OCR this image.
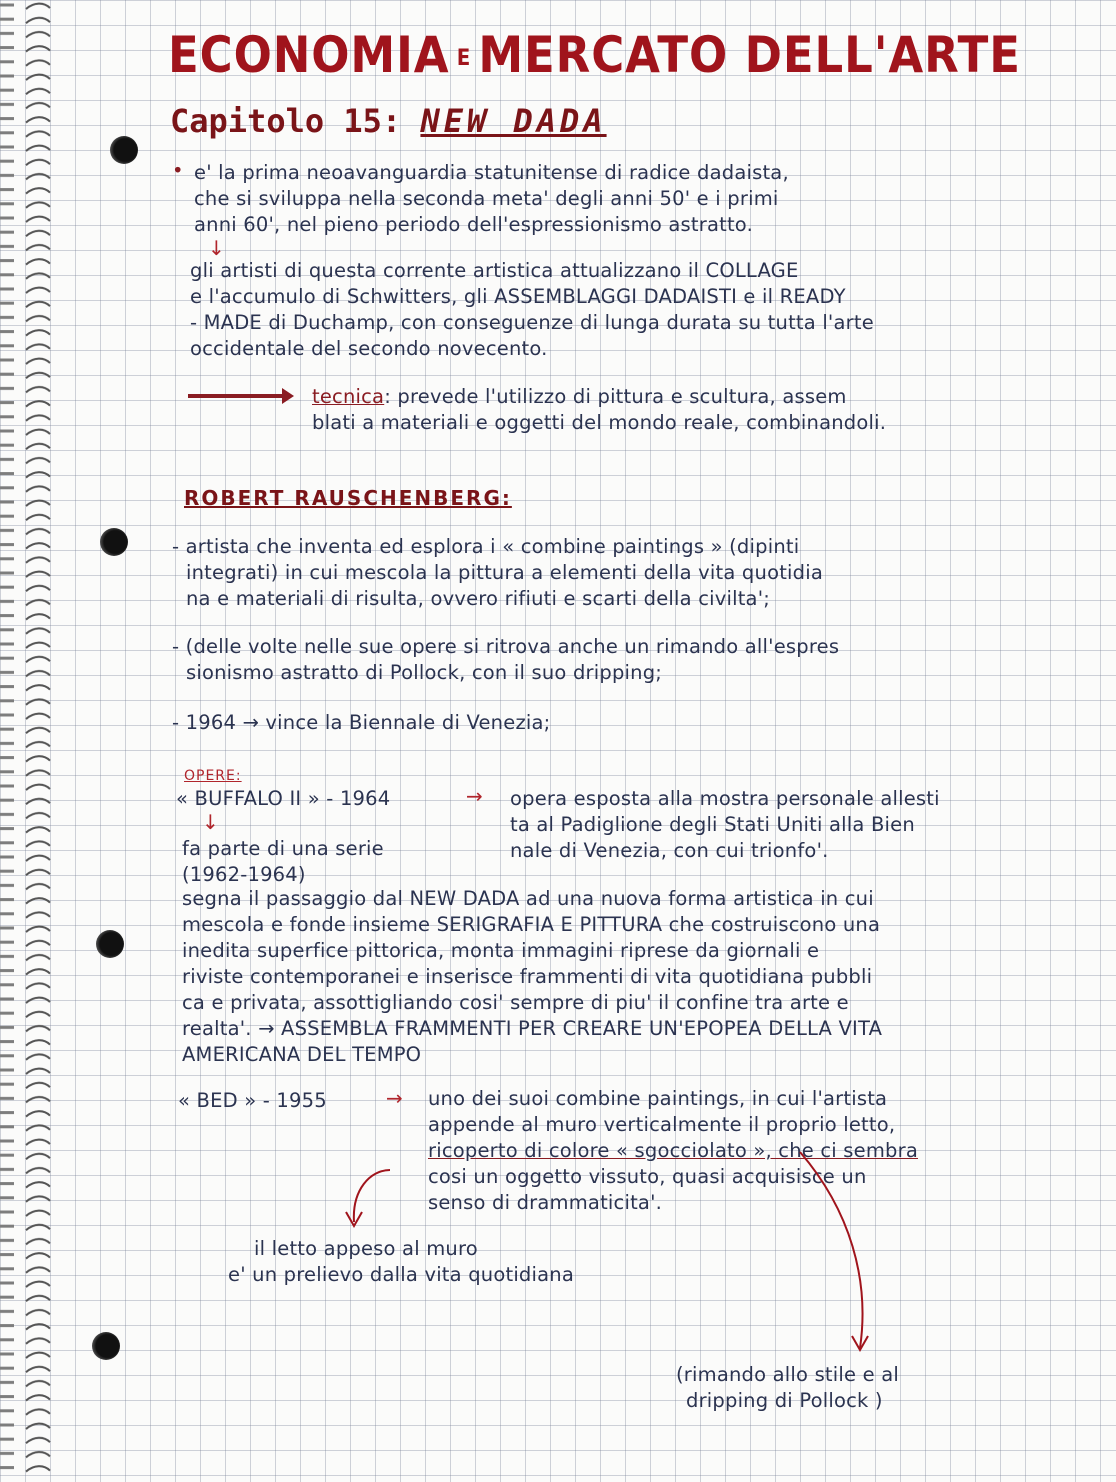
ECONOMIA E MERCATO DELL'ARTE
Capitolo 15: NEW DADA
• e' la prima neoavanguardia statunitense di radice dadaista,
che si sviluppa nella seconda meta' degli anni 50' e i primi
anni 60', nel pieno periodo dell'espressionismo astratto.
↓
gli artisti di questa corrente artistica attualizzano il COLLAGE
e l'accumulo di Schwitters, gli ASSEMBLAGGI DADAISTI e il READY
- MADE di Duchamp, con conseguenze di lunga durata su tutta l'arte
occidentale del secondo novecento.
tecnica: prevede l'utilizzo di pittura e scultura, assem
blati a materiali e oggetti del mondo reale, combinandoli.
ROBERT RAUSCHENBERG:
- artista che inventa ed esplora i « combine paintings » (dipinti
integrati) in cui mescola la pittura a elementi della vita quotidia
na e materiali di risulta, ovvero rifiuti e scarti della civilta';
- (delle volte nelle sue opere si ritrova anche un rimando all'espres
sionismo astratto di Pollock, con il suo dripping;
- 1964 → vince la Biennale di Venezia;
OPERE:
« BUFFALO II » - 1964	→ opera esposta alla mostra personale allesti
ta al Padiglione degli Stati Uniti alla Bien
nale di Venezia, con cui trionfo'.
↓
fa parte di una serie
(1962-1964)
segna il passaggio dal NEW DADA ad una nuova forma artistica in cui
mescola e fonde insieme SERIGRAFIA E PITTURA che costruiscono una
inedita superfice pittorica, monta immagini riprese da giornali e
riviste contemporanei e inserisce frammenti di vita quotidiana pubbli
ca e privata, assottigliando cosi' sempre di piu' il confine tra arte e
realta'. → ASSEMBLA FRAMMENTI PER CREARE UN'EPOPEA DELLA VITA
AMERICANA DEL TEMPO
« BED » - 1955	→ uno dei suoi combine paintings, in cui l'artista
appende al muro verticalmente il proprio letto,
ricoperto di colore « sgocciolato », che ci sembra
cosi un oggetto vissuto, quasi acquisisce un
senso di drammaticita'.
il letto appeso al muro
e' un prelievo dalla vita quotidiana
(rimando allo stile e al
dripping di Pollock )
